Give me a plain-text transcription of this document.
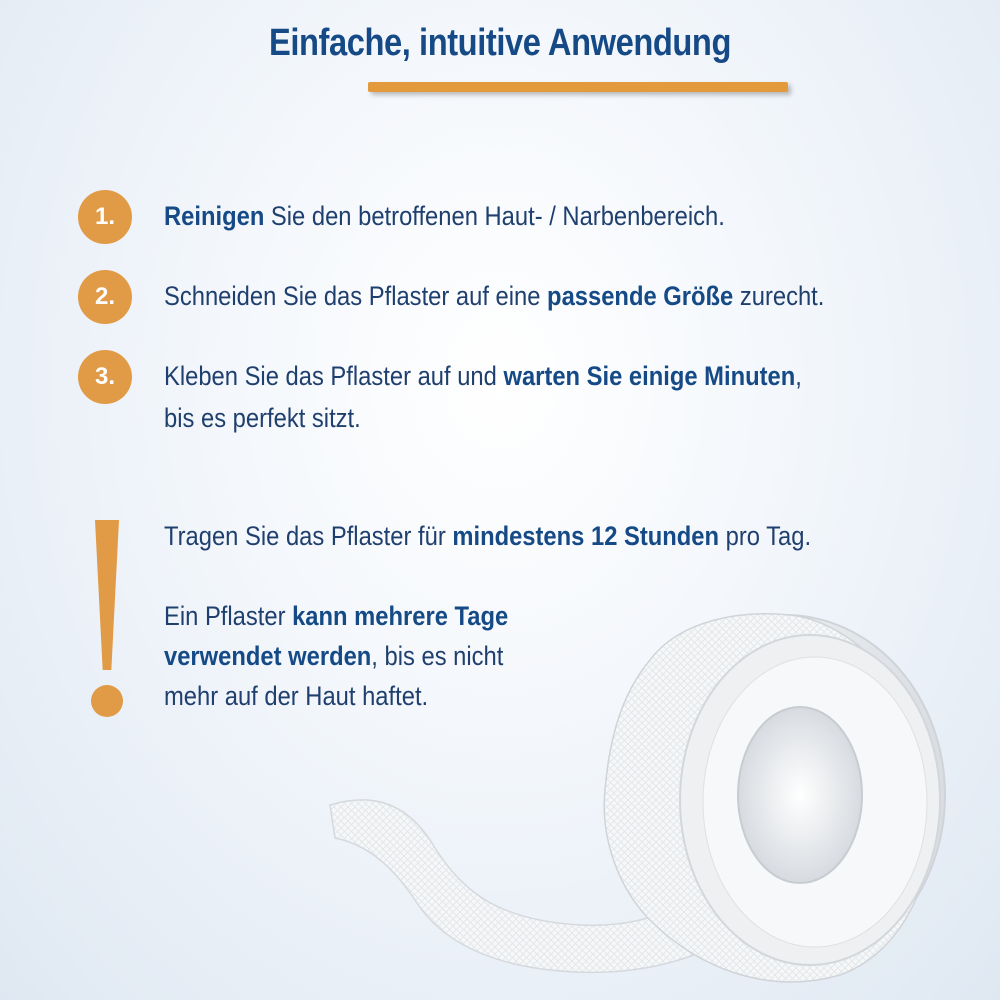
Einfache, intuitive Anwendung
1. Reinigen Sie den betroffenen Haut- / Narbenbereich.
2. Schneiden Sie das Pflaster auf eine passende Größe zurecht.
3. Kleben Sie das Pflaster auf und warten Sie einige Minuten,
bis es perfekt sitzt.
Tragen Sie das Pflaster für mindestens 12 Stunden pro Tag.
Ein Pflaster kann mehrere Tage verwendet werden, bis es nicht mehr auf der Haut haftet.
